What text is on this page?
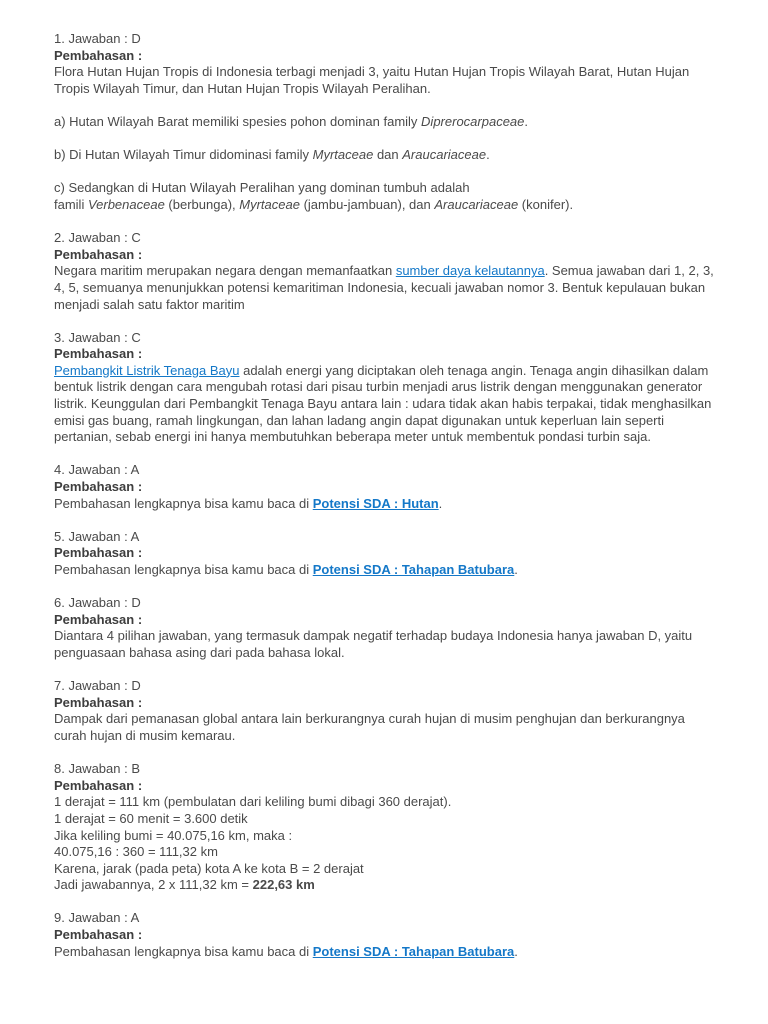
1. Jawaban : D

Pembahasan :

Flora Hutan Hujan Tropis di Indonesia terbagi menjadi 3, yaitu Hutan Hujan Tropis Wilayah Barat, Hutan Hujan Tropis Wilayah Timur, dan Hutan Hujan Tropis Wilayah Peralihan.

a) Hutan Wilayah Barat memiliki spesies pohon dominan family Diprerocarpaceae.

b) Di Hutan Wilayah Timur didominasi family Myrtaceae dan Araucariaceae.

c) Sedangkan di Hutan Wilayah Peralihan yang dominan tumbuh adalah
famili Verbenaceae (berbunga), Myrtaceae (jambu-jambuan), dan Araucariaceae (konifer).

2. Jawaban : C

Pembahasan :

Negara maritim merupakan negara dengan memanfaatkan sumber daya kelautannya. Semua jawaban dari 1, 2, 3, 4, 5, semuanya menunjukkan potensi kemaritiman Indonesia, kecuali jawaban nomor 3. Bentuk kepulauan bukan menjadi salah satu faktor maritim

3. Jawaban : C

Pembahasan :

Pembangkit Listrik Tenaga Bayu adalah energi yang diciptakan oleh tenaga angin. Tenaga angin dihasilkan dalam bentuk listrik dengan cara mengubah rotasi dari pisau turbin menjadi arus listrik dengan menggunakan generator listrik. Keunggulan dari Pembangkit Tenaga Bayu antara lain : udara tidak akan habis terpakai, tidak menghasilkan emisi gas buang, ramah lingkungan, dan lahan ladang angin dapat digunakan untuk keperluan lain seperti pertanian, sebab energi ini hanya membutuhkan beberapa meter untuk membentuk pondasi turbin saja.

4. Jawaban : A

Pembahasan :

Pembahasan lengkapnya bisa kamu baca di Potensi SDA : Hutan.

5. Jawaban : A

Pembahasan :

Pembahasan lengkapnya bisa kamu baca di Potensi SDA : Tahapan Batubara.

6. Jawaban : D

Pembahasan :

Diantara 4 pilihan jawaban, yang termasuk dampak negatif terhadap budaya Indonesia hanya jawaban D, yaitu penguasaan bahasa asing dari pada bahasa lokal.

7. Jawaban : D

Pembahasan :

Dampak dari pemanasan global antara lain berkurangnya curah hujan di musim penghujan dan berkurangnya curah hujan di musim kemarau.

8. Jawaban : B

Pembahasan :

1 derajat = 111 km (pembulatan dari keliling bumi dibagi 360 derajat).

1 derajat = 60 menit = 3.600 detik

Jika keliling bumi = 40.075,16 km, maka :

40.075,16 : 360 = 111,32 km

Karena, jarak (pada peta) kota A ke kota B = 2 derajat

Jadi jawabannya, 2 x 111,32 km = 222,63 km

9. Jawaban : A

Pembahasan :

Pembahasan lengkapnya bisa kamu baca di Potensi SDA : Tahapan Batubara.
